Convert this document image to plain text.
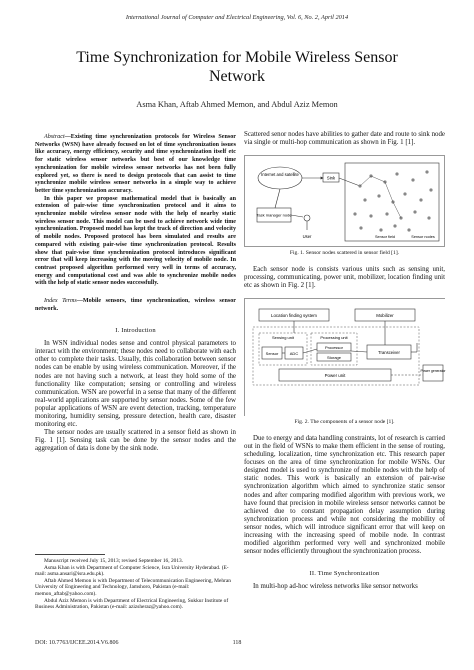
International Journal of Computer and Electrical Engineering, Vol. 6, No. 2, April 2014
Time Synchronization for Mobile Wireless Sensor
Network
Asma Khan, Aftab Ahmed Memon, and Abdul Aziz Memon

Abstract—Existing time synchronization protocols for Wireless Sensor Networks (WSN) have already focused on lot of time synchronization issues like accuracy, energy efficiency, security and time synchronization itself etc for static wireless sensor networks but best of our knowledge time synchronization for mobile wireless sensor networks has not been fully explored yet, so there is need to design protocols that can assist to time synchronize mobile wireless sensor networks in a simple way to achieve better time synchronization accuracy.

In this paper we propose mathematical model that is basically an extension of pair-wise time synchronization protocol and it aims to synchronize mobile wireless sensor node with the help of nearby static wireless sensor node. This model can be used to achieve network wide time synchronization. Proposed model has kept the track of direction and velocity of mobile nodes. Proposed protocol has been simulated and results are compared with existing pair-wise time synchronization protocol. Results show that pair-wise time synchronization protocol introduces significant error that will keep increasing with the moving velocity of mobile node. In contrast proposed algorithm performed very well in terms of accuracy, energy and computational cost and was able to synchronize mobile nodes with the help of static sensor nodes successfully.

Index Terms—Mobile sensors, time synchronization, wireless sensor network.

I. Introduction

In WSN individual nodes sense and control physical parameters to interact with the environment; these nodes need to collaborate with each other to complete their tasks. Usually, this collaboration between sensor nodes can be enable by using wireless communication. Moreover, if the nodes are not having such a network, at least they hold some of the functionality like computation; sensing or controlling and wireless communication. WSN are powerful in a sense that many of the different real-world applications are supported by sensor nodes. Some of the few popular applications of WSN are event detection, tracking, temperature monitoring, humidity sensing, pressure detection, health care, disaster monitoring etc.

The sensor nodes are usually scattered in a sensor field as shown in Fig. 1 [1]. Sensing task can be done by the sensor nodes and the aggregation of data is done by the sink node.

Manuscript received July 15, 2013; revised September 16, 2013.

Asma Khan is with Department of Computer Science, Isra University Hyderabad. (E-mail: asma.ansari@isra.edu.pk).

Aftab Ahmed Memon is with Department of Telecommunication Engineering, Mehran University of Engineering and Technology, Jamshoro, Pakistan (e-mail: memon_aftab@yahoo.com).

Abdul Aziz Memon is with Department of Electrical Engineering, Sukkur Institute of Business Administration, Pakistan (e-mail: azizsheraz@yahoo.com).

DOI: 10.7763/IJCEE.2014.V6.806	118

Scattered senor nodes have abilities to gather date and route to sink node via single or multi-hop communication as shown in Fig. 1 [1].

Internet and satellite
Sink
Task manager node
User	Sensor field	Sensor nodes
Fig. 1. Sensor nodes scattered in sensor field [1].

Each sensor node is consists various units such as sensing unit, processing, communicating, power unit, mobilizer, location finding unit etc as shown in Fig. 2 [1].

Location finding system	Mobilizer
Sensing unit
Sensor	ADC
Processing unit
Processor
Storage
Transceiver
Power unit
Power generator
Fig. 2. The components of a sensor node [1].

Due to energy and data handling constraints, lot of research is carried out in the field of WSNs to make them efficient in the sense of routing, scheduling, localization, time synchronization etc. This research paper focuses on the area of time synchronization for mobile WSNs. Our designed model is used to synchronize of mobile nodes with the help of static nodes. This work is basically an extension of pair-wise synchronization algorithm which aimed to synchronize static sensor nodes and after comparing modified algorithm with previous work, we have found that precision in mobile wireless sensor networks cannot be achieved due to constant propagation delay assumption during synchronization process and while not considering the mobility of sensor nodes, which will introduce significant error that will keep on increasing with the increasing speed of mobile node. In contrast modified algorithm performed very well and synchronized mobile sensor nodes efficiently throughout the synchronization process.

II. Time Synchronization

In multi-hop ad-hoc wireless networks like sensor networks
